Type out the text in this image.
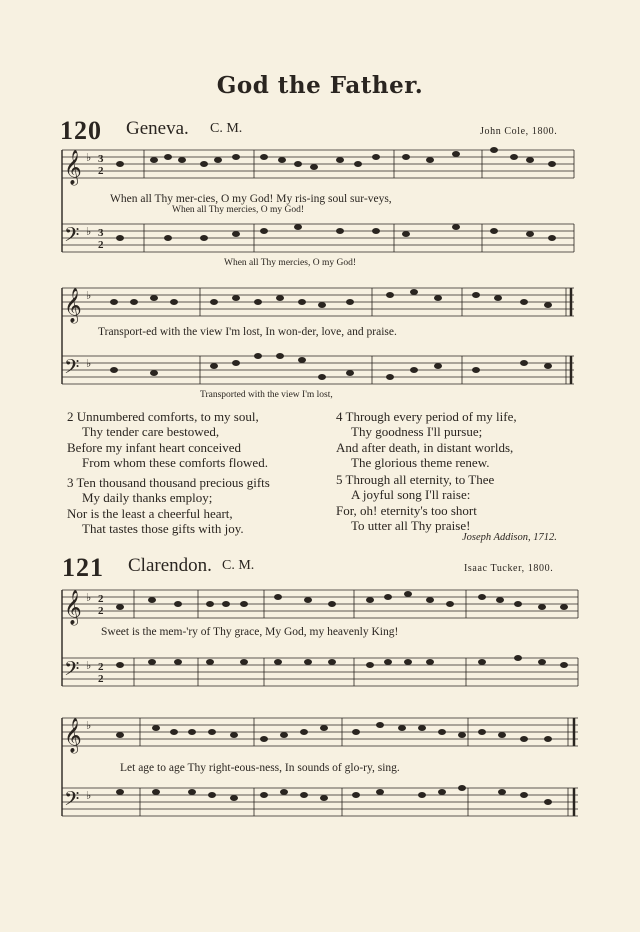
God the Father.
120 Geneva. C. M.	John Cole, 1800.
𝄞
𝄢
♭
♭
3
2
3
2
When all Thy mer-cies, O my God! My ris-ing soul sur-veys,
When all Thy mercies, O my God!
When all Thy mercies, O my God!
𝄞
𝄢
♭
♭
Transport-ed with the view I'm lost, In won-der, love, and praise.
Transported with the view I'm lost,
2 Unnumbered comforts, to my soul,
Thy tender care bestowed,
Before my infant heart conceived
From whom these comforts flowed.
3 Ten thousand thousand precious gifts
My daily thanks employ;
Nor is the least a cheerful heart,
That tastes those gifts with joy.
4 Through every period of my life,
Thy goodness I'll pursue;
And after death, in distant worlds,
The glorious theme renew.
5 Through all eternity, to Thee
A joyful song I'll raise:
For, oh! eternity's too short
To utter all Thy praise!
Joseph Addison, 1712.
121 Clarendon. C. M.	Isaac Tucker, 1800.
𝄞
𝄢
♭
♭
2
2
2
2
Sweet is the mem-'ry of Thy grace, My God, my heavenly King!
𝄞
𝄢
♭
♭
Let age to age Thy right-eous-ness, In sounds of glo-ry, sing.
